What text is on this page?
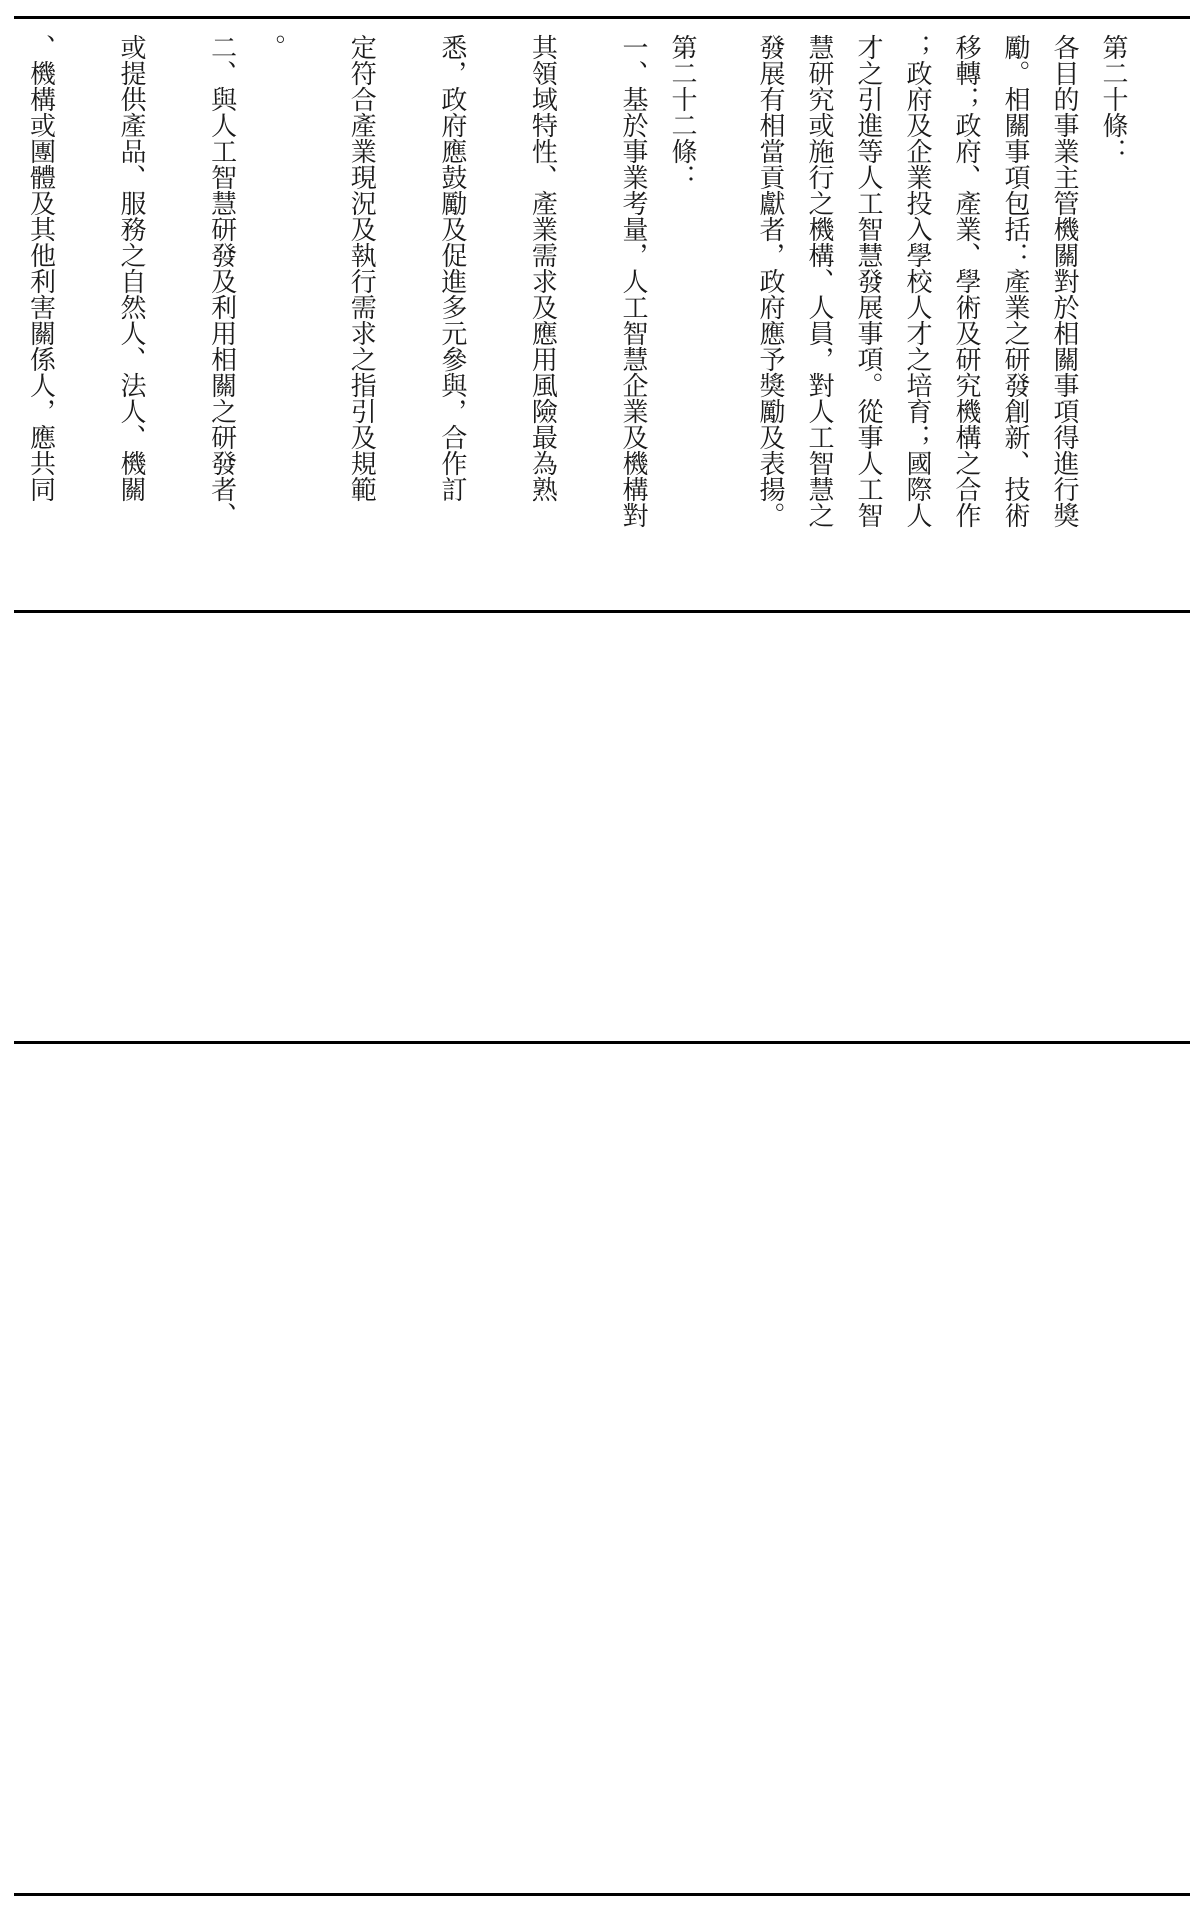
第二十條：
各目的事業主管機關對於相關事項得進行獎
勵。相關事項包括：產業之研發創新、技術
移轉；政府、產業、學術及研究機構之合作
；政府及企業投入學校人才之培育；國際人
才之引進等人工智慧發展事項。從事人工智
慧研究或施行之機構、人員，對人工智慧之
發展有相當貢獻者，政府應予獎勵及表揚。
第二十二條：
一、基於事業考量，人工智慧企業及機構對
其領域特性、產業需求及應用風險最為熟
悉，政府應鼓勵及促進多元參與，合作訂
定符合產業現況及執行需求之指引及規範
。
二、與人工智慧研發及利用相關之研發者、
或提供產品、服務之自然人、法人、機關
、機構或團體及其他利害關係人，應共同
